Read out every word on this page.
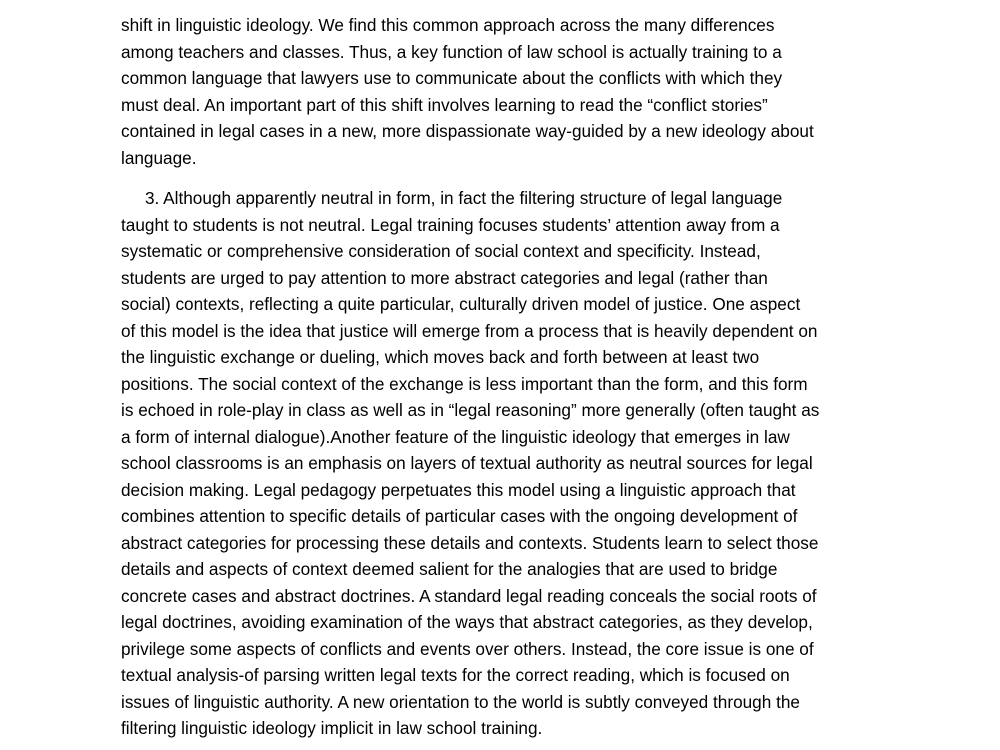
shift in linguistic ideology. We find this common approach across the many differences
among teachers and classes. Thus, a key function of law school is actually training to a
common language that lawyers use to communicate about the conflicts with which they
must deal. An important part of this shift involves learning to read the “conflict stories”
contained in legal cases in a new, more dispassionate way-guided by a new ideology about
language.
3. Although apparently neutral in form, in fact the filtering structure of legal language
taught to students is not neutral. Legal training focuses students’ attention away from a
systematic or comprehensive consideration of social context and specificity. Instead,
students are urged to pay attention to more abstract categories and legal (rather than
social) contexts, reflecting a quite particular, culturally driven model of justice. One aspect
of this model is the idea that justice will emerge from a process that is heavily dependent on
the linguistic exchange or dueling, which moves back and forth between at least two
positions. The social context of the exchange is less important than the form, and this form
is echoed in role-play in class as well as in “legal reasoning” more generally (often taught as
a form of internal dialogue).Another feature of the linguistic ideology that emerges in law
school classrooms is an emphasis on layers of textual authority as neutral sources for legal
decision making. Legal pedagogy perpetuates this model using a linguistic approach that
combines attention to specific details of particular cases with the ongoing development of
abstract categories for processing these details and contexts. Students learn to select those
details and aspects of context deemed salient for the analogies that are used to bridge
concrete cases and abstract doctrines. A standard legal reading conceals the social roots of
legal doctrines, avoiding examination of the ways that abstract categories, as they develop,
privilege some aspects of conflicts and events over others. Instead, the core issue is one of
textual analysis-of parsing written legal texts for the correct reading, which is focused on
issues of linguistic authority. A new orientation to the world is subtly conveyed through the
filtering linguistic ideology implicit in law school training.
